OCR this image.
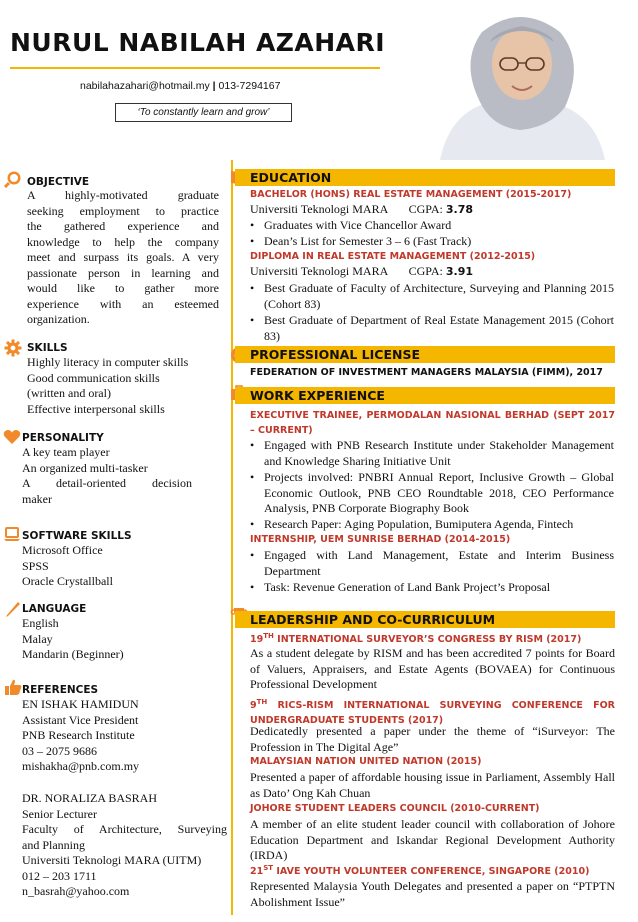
NURUL NABILAH AZAHARI
nabilahazahari@hotmail.my | 013-7294167
‘To constantly learn and grow’
OBJECTIVE
A highly-motivated graduate
seeking employment to practice
the gathered experience and
knowledge to help the company
meet and surpass its goals. A very
passionate person in learning and
would like to gather more
experience with an esteemed
organization.
SKILLS
Highly literacy in computer skills
Good communication skills
(written and oral)
Effective interpersonal skills
PERSONALITY
A key team player
An organized multi-tasker
A detail-oriented decision
maker
SOFTWARE SKILLS
Microsoft Office
SPSS
Oracle Crystallball
LANGUAGE
English
Malay
Mandarin (Beginner)
REFERENCES
EN ISHAK HAMIDUN
Assistant Vice President
PNB Research Institute
03 – 2075 9686
mishakha@pnb.com.my
DR. NORALIZA BASRAH
Senior Lecturer
Faculty of Architecture, Surveying
and Planning
Universiti Teknologi MARA (UITM)
012 – 203 1711
n_basrah@yahoo.com
EDUCATION
BACHELOR (HONS) REAL ESTATE MANAGEMENT (2015-2017)
Universiti Teknologi MARA CGPA: 3.78
• Graduates with Vice Chancellor Award
• Dean’s List for Semester 3 – 6 (Fast Track)
DIPLOMA IN REAL ESTATE MANAGEMENT (2012-2015)
Universiti Teknologi MARA CGPA: 3.91
• Best Graduate of Faculty of Architecture, Surveying and Planning 2015 (Cohort 83)
• Best Graduate of Department of Real Estate Management 2015 (Cohort 83)
PROFESSIONAL LICENSE
FEDERATION OF INVESTMENT MANAGERS MALAYSIA (FIMM), 2017
WORK EXPERIENCE
EXECUTIVE TRAINEE, PERMODALAN NASIONAL BERHAD (SEPT 2017 – CURRENT)
• Engaged with PNB Research Institute under Stakeholder Management and Knowledge Sharing Initiative Unit
• Projects involved: PNBRI Annual Report, Inclusive Growth – Global Economic Outlook, PNB CEO Roundtable 2018, CEO Performance Analysis, PNB Corporate Biography Book
• Research Paper: Aging Population, Bumiputera Agenda, Fintech
INTERNSHIP, UEM SUNRISE BERHAD (2014-2015)
• Engaged with Land Management, Estate and Interim Business Department
• Task: Revenue Generation of Land Bank Project’s Proposal
LEADERSHIP AND CO-CURRICULUM
19TH INTERNATIONAL SURVEYOR’S CONGRESS BY RISM (2017)
As a student delegate by RISM and has been accredited 7 points for Board of Valuers, Appraisers, and Estate Agents (BOVAEA) for Continuous Professional Development
9TH RICS-RISM INTERNATIONAL SURVEYING CONFERENCE FOR UNDERGRADUATE STUDENTS (2017)
Dedicatedly presented a paper under the theme of “iSurveyor: The Profession in The Digital Age”
MALAYSIAN NATION UNITED NATION (2015)
Presented a paper of affordable housing issue in Parliament, Assembly Hall as Dato’ Ong Kah Chuan
JOHORE STUDENT LEADERS COUNCIL (2010-CURRENT)
A member of an elite student leader council with collaboration of Johore Education Department and Iskandar Regional Development Authority (IRDA)
21ST IAVE YOUTH VOLUNTEER CONFERENCE, SINGAPORE (2010)
Represented Malaysia Youth Delegates and presented a paper on “PTPTN Abolishment Issue”
